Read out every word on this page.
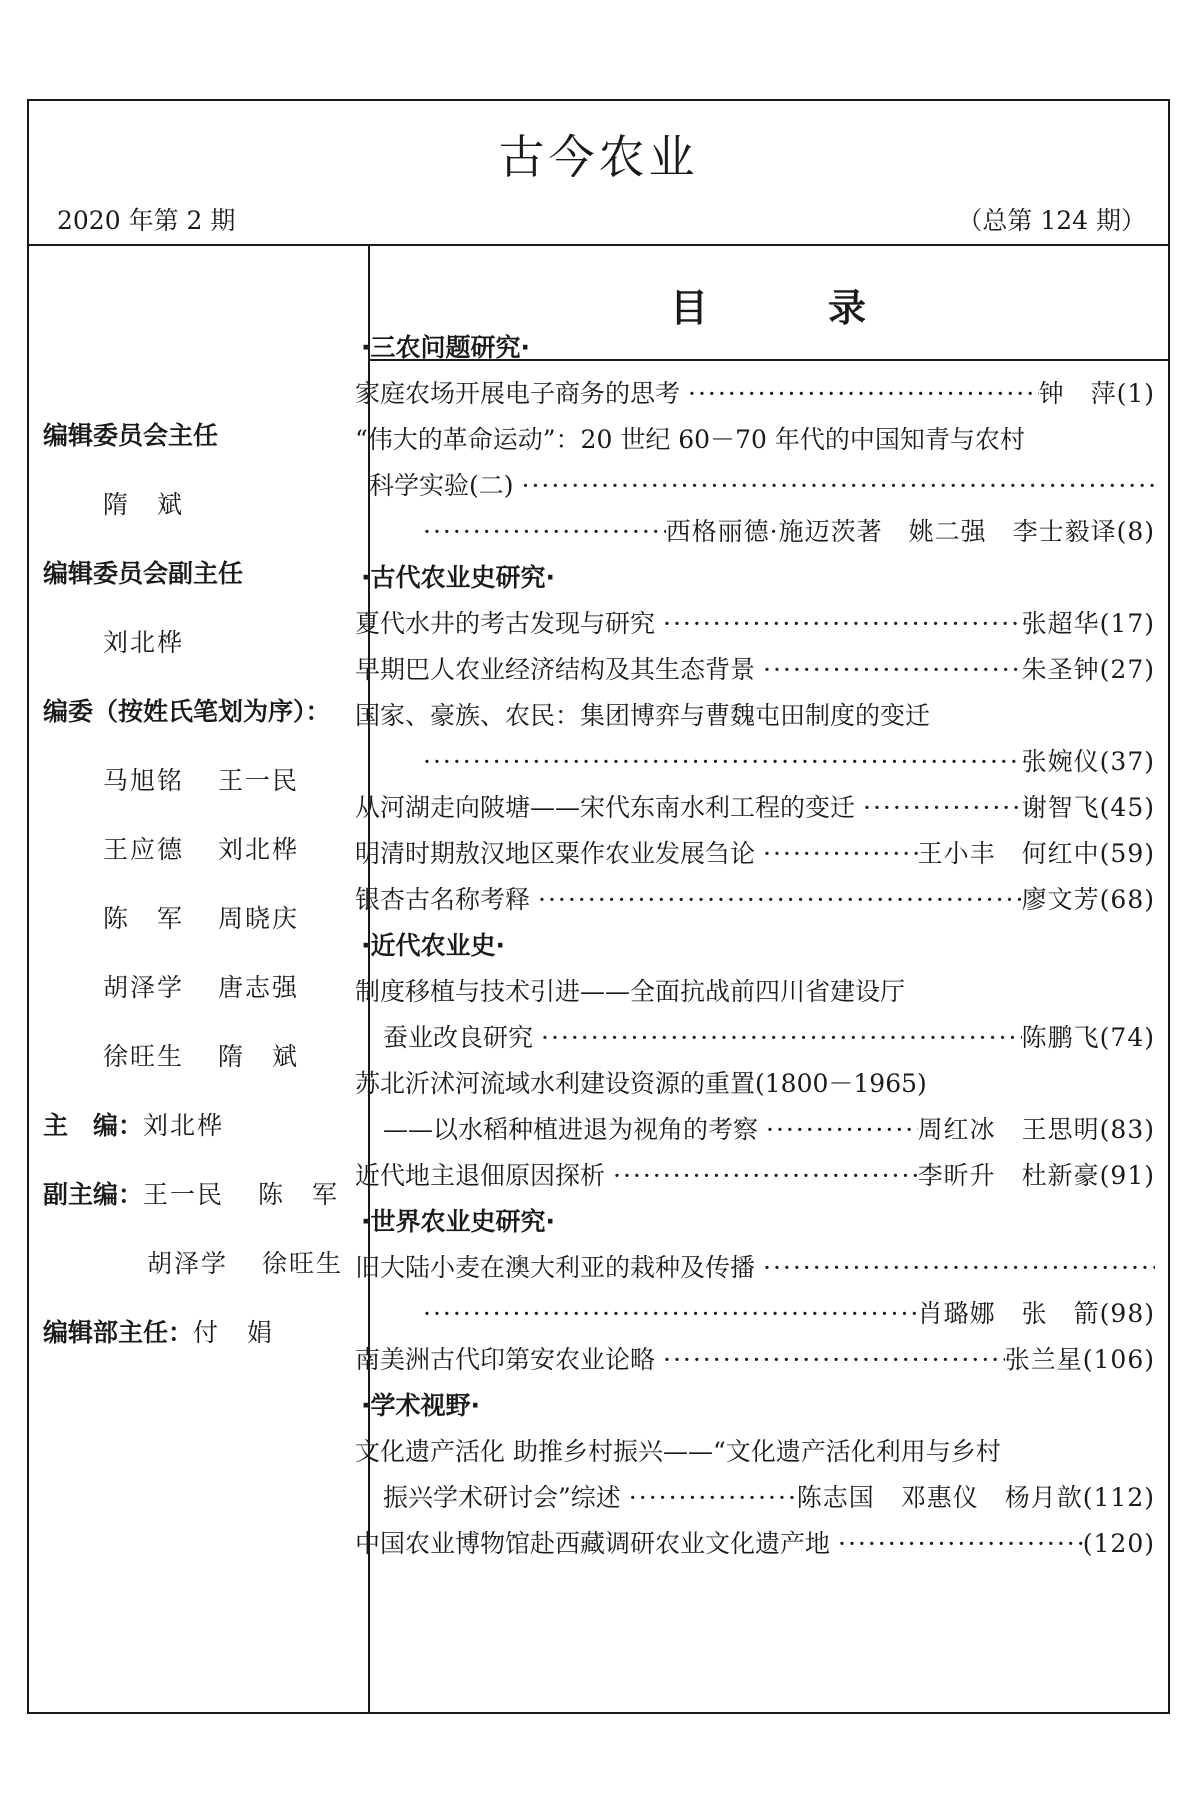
古今农业
2020 年第 2 期	（总第 124 期）
目录
编辑委员会主任
隋　斌
编辑委员会副主任
刘北桦
编委（按姓氏笔划为序）：
马旭铭 王一民
王应德 刘北桦
陈　军 周晓庆
胡泽学 唐志强
徐旺生 隋　斌
主　编：刘北桦
副主编：王一民 陈　军
胡泽学 徐旺生
编辑部主任：付　娟
·三农问题研究·
家庭农场开展电子商务的思考 ·····	钟　萍(1)
“伟大的革命运动”：20 世纪 60－70 年代的中国知青与农村
科学实验(二)
·····
·····
西格丽德·施迈茨著　姚二强　李士毅译(8)
·古代农业史研究·
夏代水井的考古发现与研究 ·····	张超华(17)
早期巴人农业经济结构及其生态背景 ·····	朱圣钟(27)
国家、豪族、农民：集团博弈与曹魏屯田制度的变迁
·····
张婉仪(37)
从河湖走向陂塘——宋代东南水利工程的变迁 ·····	谢智飞(45)
明清时期敖汉地区粟作农业发展刍论 ·····	王小丰　何红中(59)
银杏古名称考释 ·····	廖文芳(68)
·近代农业史·
制度移植与技术引进——全面抗战前四川省建设厅
蚕业改良研究 ·····	陈鹏飞(74)
苏北沂沭河流域水利建设资源的重置(1800－1965)
——以水稻种植进退为视角的考察 ·····	周红冰　王思明(83)
近代地主退佃原因探析 ·····	李昕升　杜新豪(91)
·世界农业史研究·
旧大陆小麦在澳大利亚的栽种及传播
·····
·····
肖璐娜　张　箭(98)
南美洲古代印第安农业论略 ·····	张兰星(106)
·学术视野·
文化遗产活化 助推乡村振兴——“文化遗产活化利用与乡村
振兴学术研讨会”综述 ·····	陈志国　邓惠仪　杨月歆(112)
中国农业博物馆赴西藏调研农业文化遗产地 ·····	(120)
